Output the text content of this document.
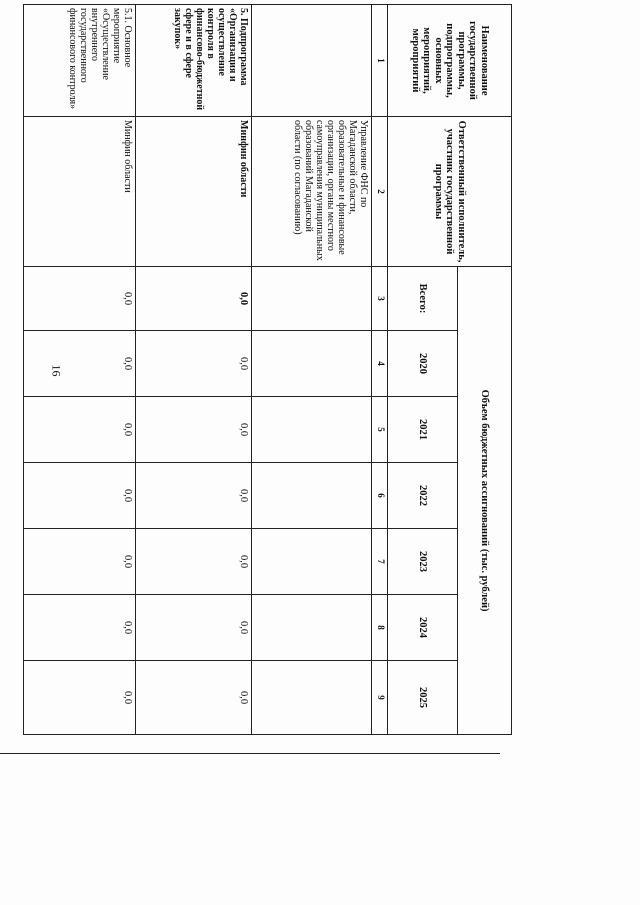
16
Наименование государственной программы, подпрограммы, основных мероприятий, мероприятий	Ответственный исполнитель, участник государственной программы	Объем бюджетных ассигнований (тыс. рублей)						
		Всего:	2020	2021	2022	2023	2024	2025
1	2	3	4	5	6	7	8	9
	Управление ФНС по Магаданской области, образовательные и финансовые организации, органы местного самоуправления муниципальных образований Магаданской области (по согласованию)							
5. Подпрограмма «Организация и осуществление контроля в финансово-бюджетной сфере и в сфере закупок»	Минфин области	0,0	0,0	0,0	0,0	0,0	0,0	0,0
5.1. Основное мероприятие «Осуществление внутреннего государственного финансового контроля»	Минфин области	0,0	0,0	0,0	0,0	0,0	0,0	0,0
